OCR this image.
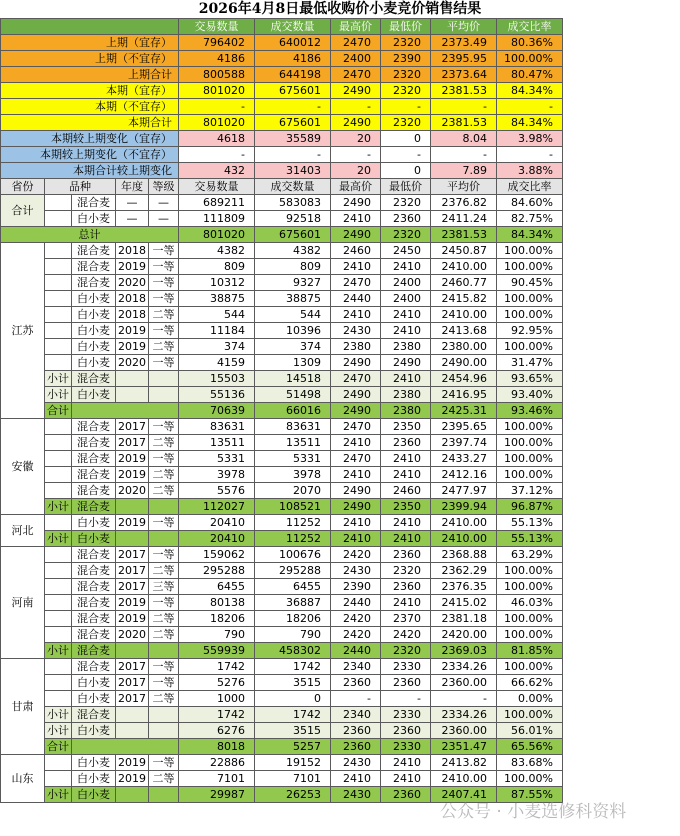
2026年4月8日最低收购价小麦竞价销售结果
					交易数量	成交数量	最高价	最低价	平均价	成交比率
上期（宜存）					796402	640012	2470	2320	2373.49	80.36%
上期（不宜存）					4186	4186	2400	2390	2395.95	100.00%
上期合计					800588	644198	2470	2320	2373.64	80.47%
本期（宜存）					801020	675601	2490	2320	2381.53	84.34%
本期（不宜存）					-	-	-	-	-	-
本期合计					801020	675601	2490	2320	2381.53	84.34%
本期较上期变化（宜存）					4618	35589	20	0	8.04	3.98%
本期较上期变化（不宜存）					-	-	-	-	-	-
本期合计较上期变化					432	31403	20	0	7.89	3.88%
省份	品种		年度	等级	交易数量	成交数量	最高价	最低价	平均价	成交比率
合计		混合麦	—	—	689211	583083	2490	2320	2376.82	84.60%
		白小麦	—	—	111809	92518	2410	2360	2411.24	82.75%
总计					801020	675601	2490	2320	2381.53	84.34%
江苏		混合麦	2018	一等	4382	4382	2460	2450	2450.87	100.00%
		混合麦	2019	一等	809	809	2410	2410	2410.00	100.00%
		混合麦	2020	一等	10312	9327	2470	2400	2460.77	90.45%
		白小麦	2018	一等	38875	38875	2440	2400	2415.82	100.00%
		白小麦	2018	二等	544	544	2410	2410	2410.00	100.00%
		白小麦	2019	一等	11184	10396	2430	2410	2413.68	92.95%
		白小麦	2019	二等	374	374	2380	2380	2380.00	100.00%
		白小麦	2020	一等	4159	1309	2490	2490	2490.00	31.47%
	小计	混合麦			15503	14518	2470	2410	2454.96	93.65%
	小计	白小麦			55136	51498	2490	2380	2416.95	93.40%
	合计				70639	66016	2490	2380	2425.31	93.46%
安徽		混合麦	2017	一等	83631	83631	2470	2350	2395.65	100.00%
		混合麦	2017	二等	13511	13511	2410	2360	2397.74	100.00%
		混合麦	2019	一等	5331	5331	2470	2410	2433.27	100.00%
		混合麦	2019	二等	3978	3978	2410	2410	2412.16	100.00%
		混合麦	2020	二等	5576	2070	2490	2460	2477.97	37.12%
	小计	混合麦			112027	108521	2490	2350	2399.94	96.87%
河北		白小麦	2019	一等	20410	11252	2410	2410	2410.00	55.13%
	小计	白小麦			20410	11252	2410	2410	2410.00	55.13%
河南		混合麦	2017	一等	159062	100676	2420	2360	2368.88	63.29%
		混合麦	2017	二等	295288	295288	2430	2320	2362.29	100.00%
		混合麦	2017	三等	6455	6455	2390	2360	2376.35	100.00%
		混合麦	2019	一等	80138	36887	2440	2410	2415.02	46.03%
		混合麦	2019	二等	18206	18206	2420	2370	2381.18	100.00%
		混合麦	2020	二等	790	790	2420	2420	2420.00	100.00%
	小计	混合麦			559939	458302	2440	2320	2369.03	81.85%
甘肃		混合麦	2017	一等	1742	1742	2340	2330	2334.26	100.00%
		白小麦	2017	一等	5276	3515	2360	2360	2360.00	66.62%
		白小麦	2017	二等	1000	0	-	-	-	0.00%
	小计	混合麦			1742	1742	2340	2330	2334.26	100.00%
	小计	白小麦			6276	3515	2360	2360	2360.00	56.01%
	合计				8018	5257	2360	2330	2351.47	65.56%
山东		白小麦	2019	一等	22886	19152	2430	2410	2413.82	83.68%
		白小麦	2019	二等	7101	7101	2410	2410	2410.00	100.00%
	小计	白小麦			29987	26253	2430	2360	2407.41	87.55%
公众号 · 小麦选修科资料
